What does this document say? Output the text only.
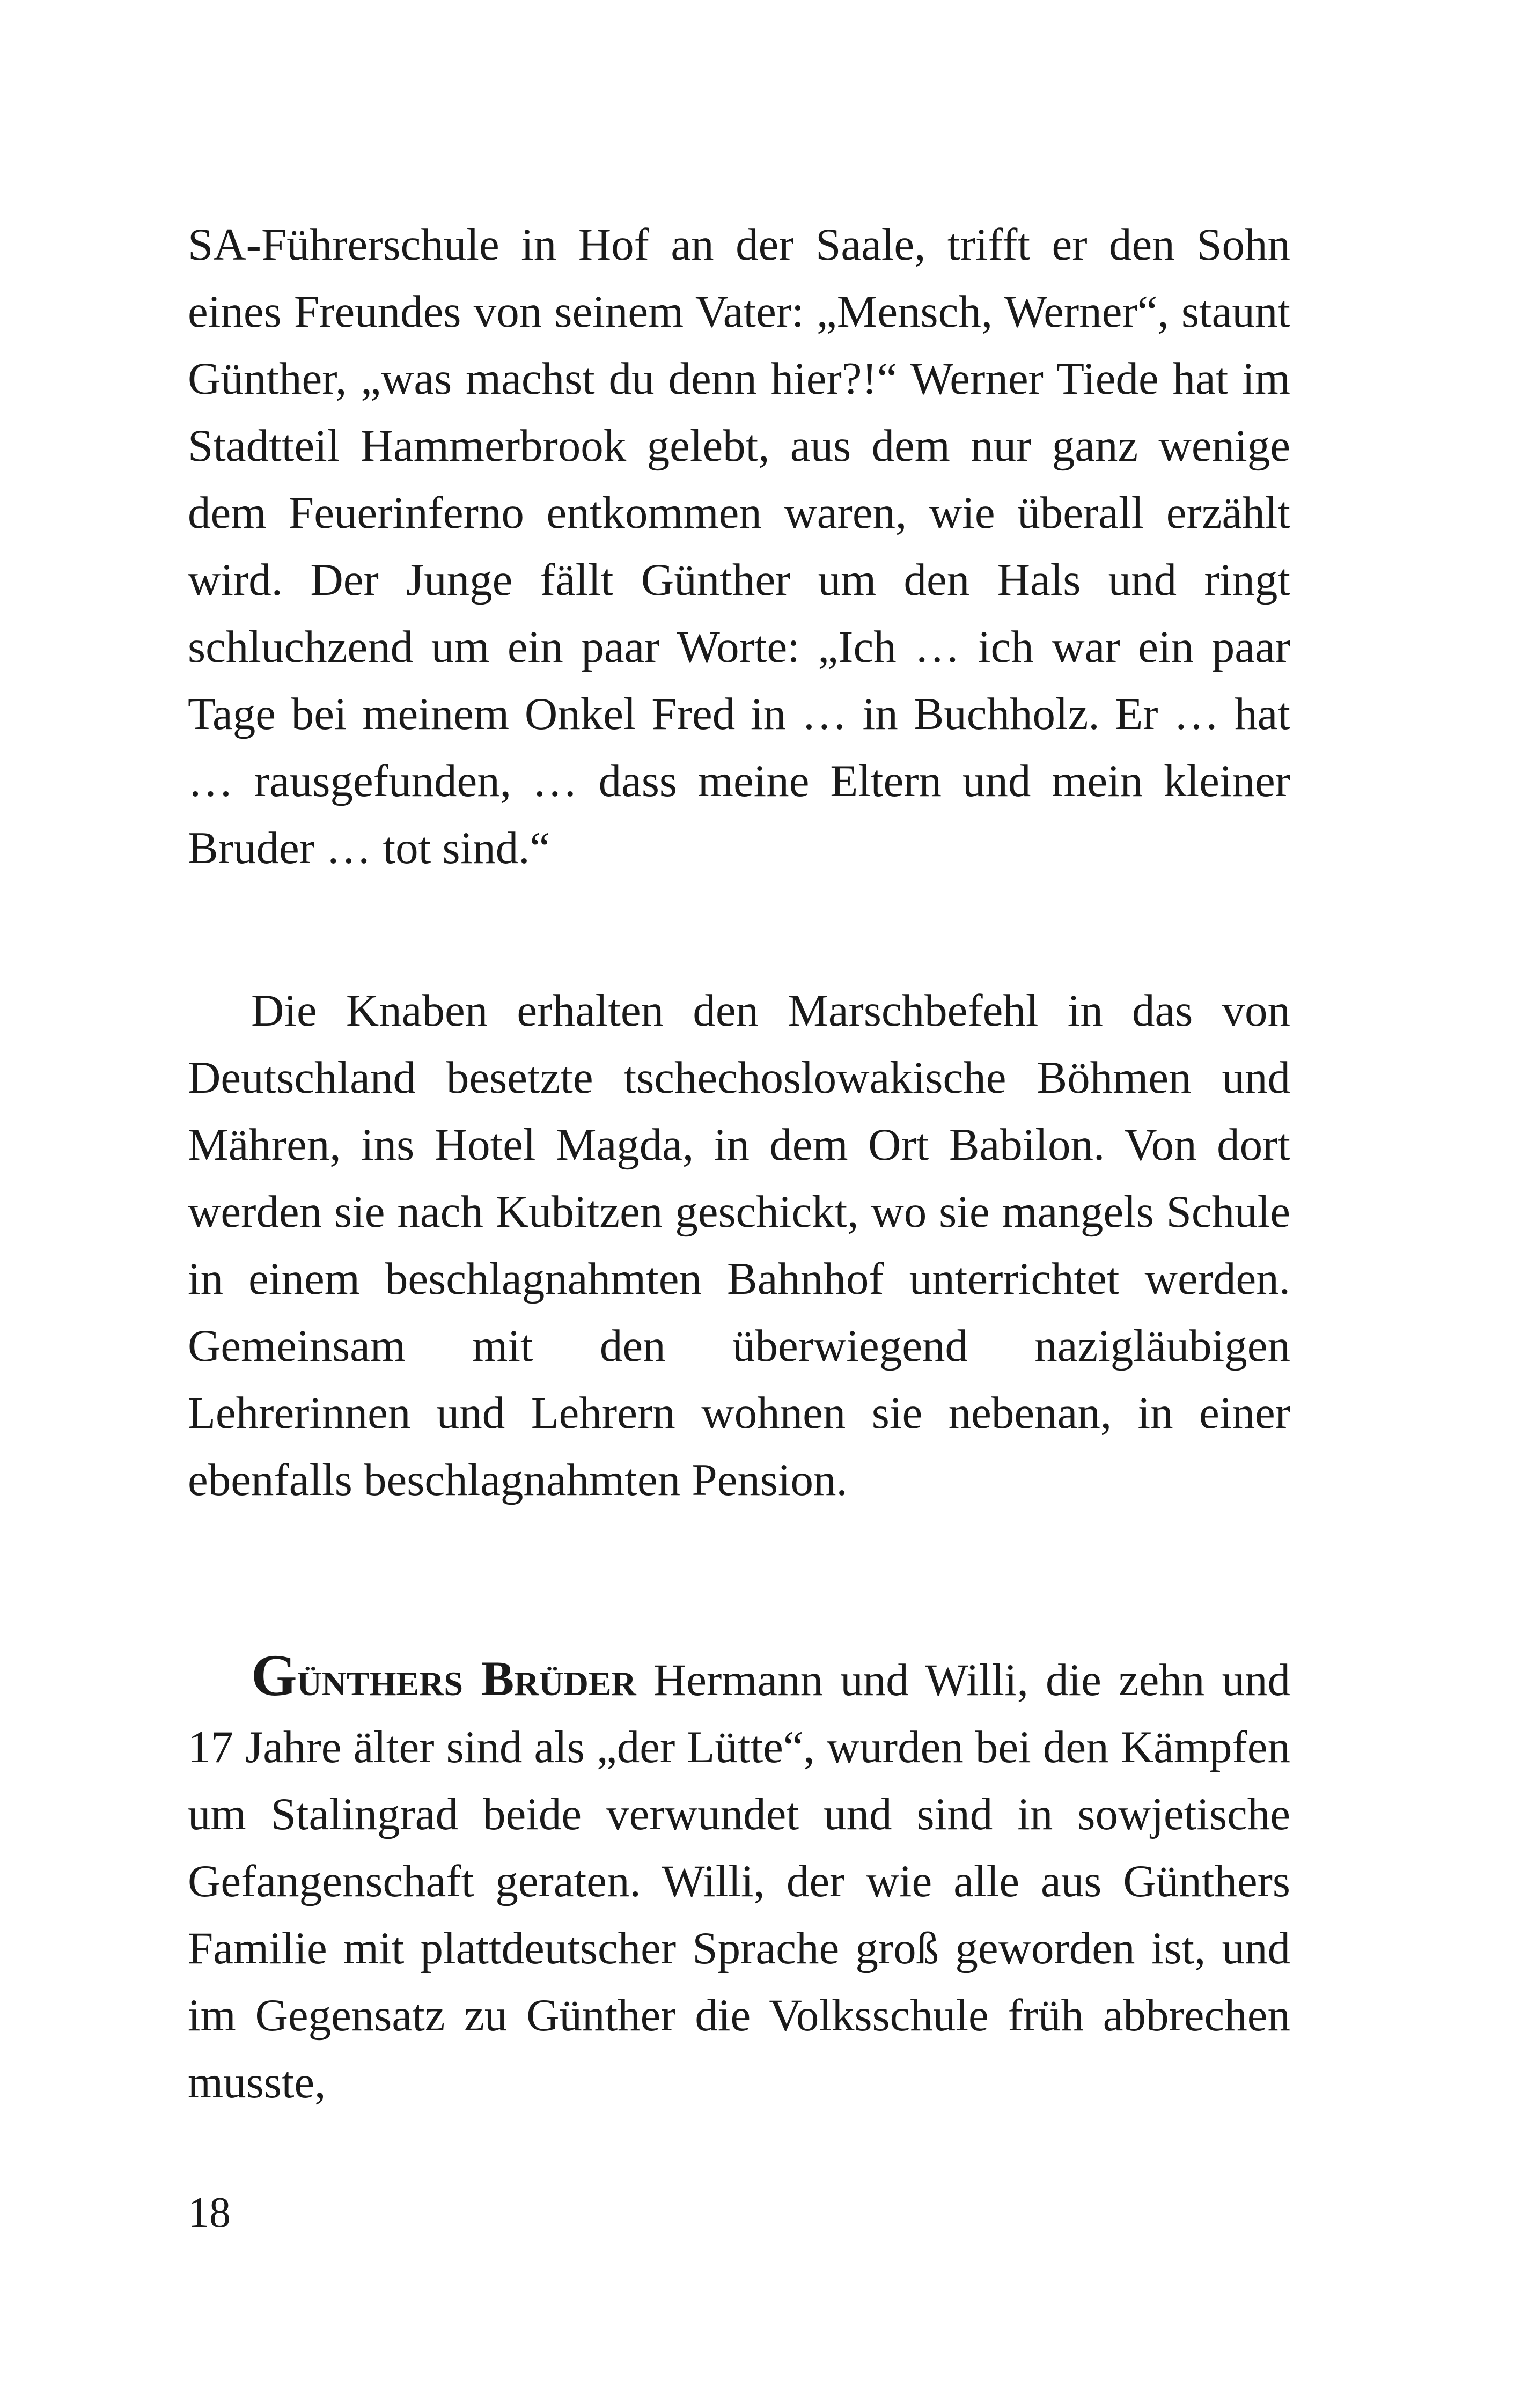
SA-Führerschule in Hof an der Saale, trifft er den Sohn eines Freundes von seinem Vater: „Mensch, Werner“, staunt Günther, „was machst du denn hier?!“ Werner Tiede hat im Stadtteil Hammerbrook gelebt, aus dem nur ganz wenige dem Feuerinferno entkommen waren, wie überall erzählt wird. Der Junge fällt Günther um den Hals und ringt schluchzend um ein paar Worte: „Ich … ich war ein paar Tage bei meinem Onkel Fred in … in Buchholz. Er … hat … rausgefunden, … dass meine Eltern und mein kleiner Bruder … tot sind.“

Die Knaben erhalten den Marschbefehl in das von Deutschland besetzte tschechoslowakische Böhmen und Mähren, ins Hotel Magda, in dem Ort Babilon. Von dort werden sie nach Kubitzen geschickt, wo sie mangels Schule in einem beschlagnahmten Bahnhof unterrichtet werden. Gemeinsam mit den überwiegend nazigläubigen Lehrerinnen und Lehrern wohnen sie nebenan, in einer ebenfalls beschlagnahmten Pension.

Günthers Brüder Hermann und Willi, die zehn und 17 Jahre älter sind als „der Lütte“, wurden bei den Kämpfen um Stalingrad beide verwundet und sind in sowjetische Gefangenschaft geraten. Willi, der wie alle aus Günthers Familie mit plattdeutscher Sprache groß geworden ist, und im Gegensatz zu Günther die Volksschule früh abbrechen musste,

18
